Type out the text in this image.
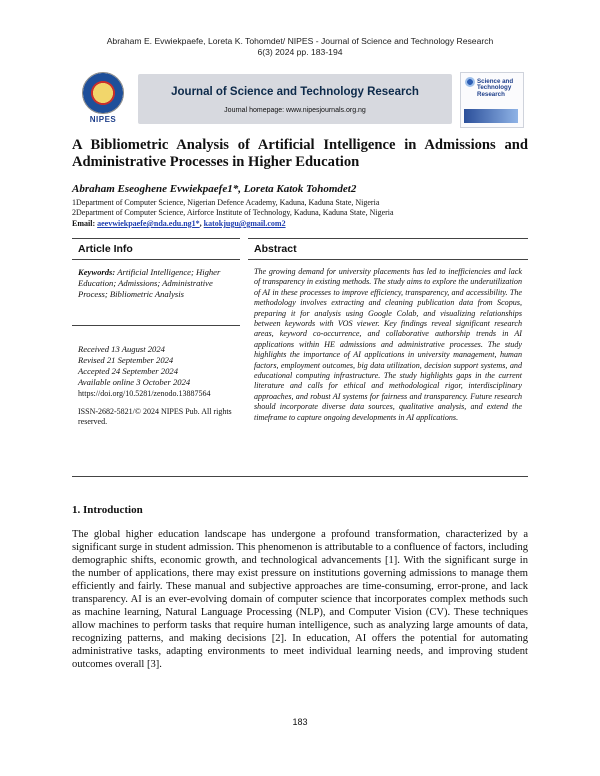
Abraham E. Evwiekpaefe, Loreta K. Tohomdet/ NIPES - Journal of Science and Technology Research
6(3) 2024 pp. 183-194
NIPES
Journal of Science and Technology Research
Journal homepage: www.nipesjournals.org.ng
Science and Technology Research
A Bibliometric Analysis of Artificial Intelligence in Admissions and Administrative Processes in Higher Education
Abraham Eseoghene Evwiekpaefe1*, Loreta Katok Tohomdet2
1Department of Computer Science, Nigerian Defence Academy, Kaduna, Kaduna State, Nigeria
2Department of Computer Science, Airforce Institute of Technology, Kaduna, Kaduna State, Nigeria
Email: aeevwiekpaefe@nda.edu.ng1*, katokjugu@gmail.com2
Article Info	Abstract
Keywords: Artificial Intelligence; Higher Education; Admissions; Administrative Process; Bibliometric Analysis
Received 13 August 2024
Revised 21 September 2024
Accepted 24 September 2024
Available online 3 October 2024
https://doi.org/10.5281/zenodo.13887564
ISSN-2682-5821/© 2024 NIPES Pub. All rights reserved.
The growing demand for university placements has led to inefficiencies and lack of transparency in existing methods. The study aims to explore the underutilization of AI in these processes to improve efficiency, transparency, and accessibility. The methodology involves extracting and cleaning publication data from Scopus, preparing it for analysis using Google Colab, and visualizing relationships between keywords with VOS viewer. Key findings reveal significant research areas, keyword co-occurrence, and collaborative authorship trends in AI applications within HE admissions and administrative processes. The study highlights the importance of AI applications in university management, human factors, employment outcomes, big data utilization, decision support systems, and educational computing infrastructure. The study highlights gaps in the current literature and calls for ethical and methodological rigor, interdisciplinary approaches, and robust AI systems for fairness and transparency. Future research should incorporate diverse data sources, qualitative analysis, and extend the timeframe to capture ongoing developments in AI applications.
1. Introduction
The global higher education landscape has undergone a profound transformation, characterized by a significant surge in student admission. This phenomenon is attributable to a confluence of factors, including demographic shifts, economic growth, and technological advancements [1]. With the significant surge in the number of applications, there may exist pressure on institutions governing admissions to manage them efficiently and fairly. These manual and subjective approaches are time-consuming, error-prone, and lack transparency. AI is an ever-evolving domain of computer science that incorporates complex methods such as machine learning, Natural Language Processing (NLP), and Computer Vision (CV). These techniques allow machines to perform tasks that require human intelligence, such as analyzing large amounts of data, recognizing patterns, and making decisions [2]. In education, AI offers the potential for automating administrative tasks, adapting environments to meet individual learning needs, and improving student outcomes overall [3].
183
